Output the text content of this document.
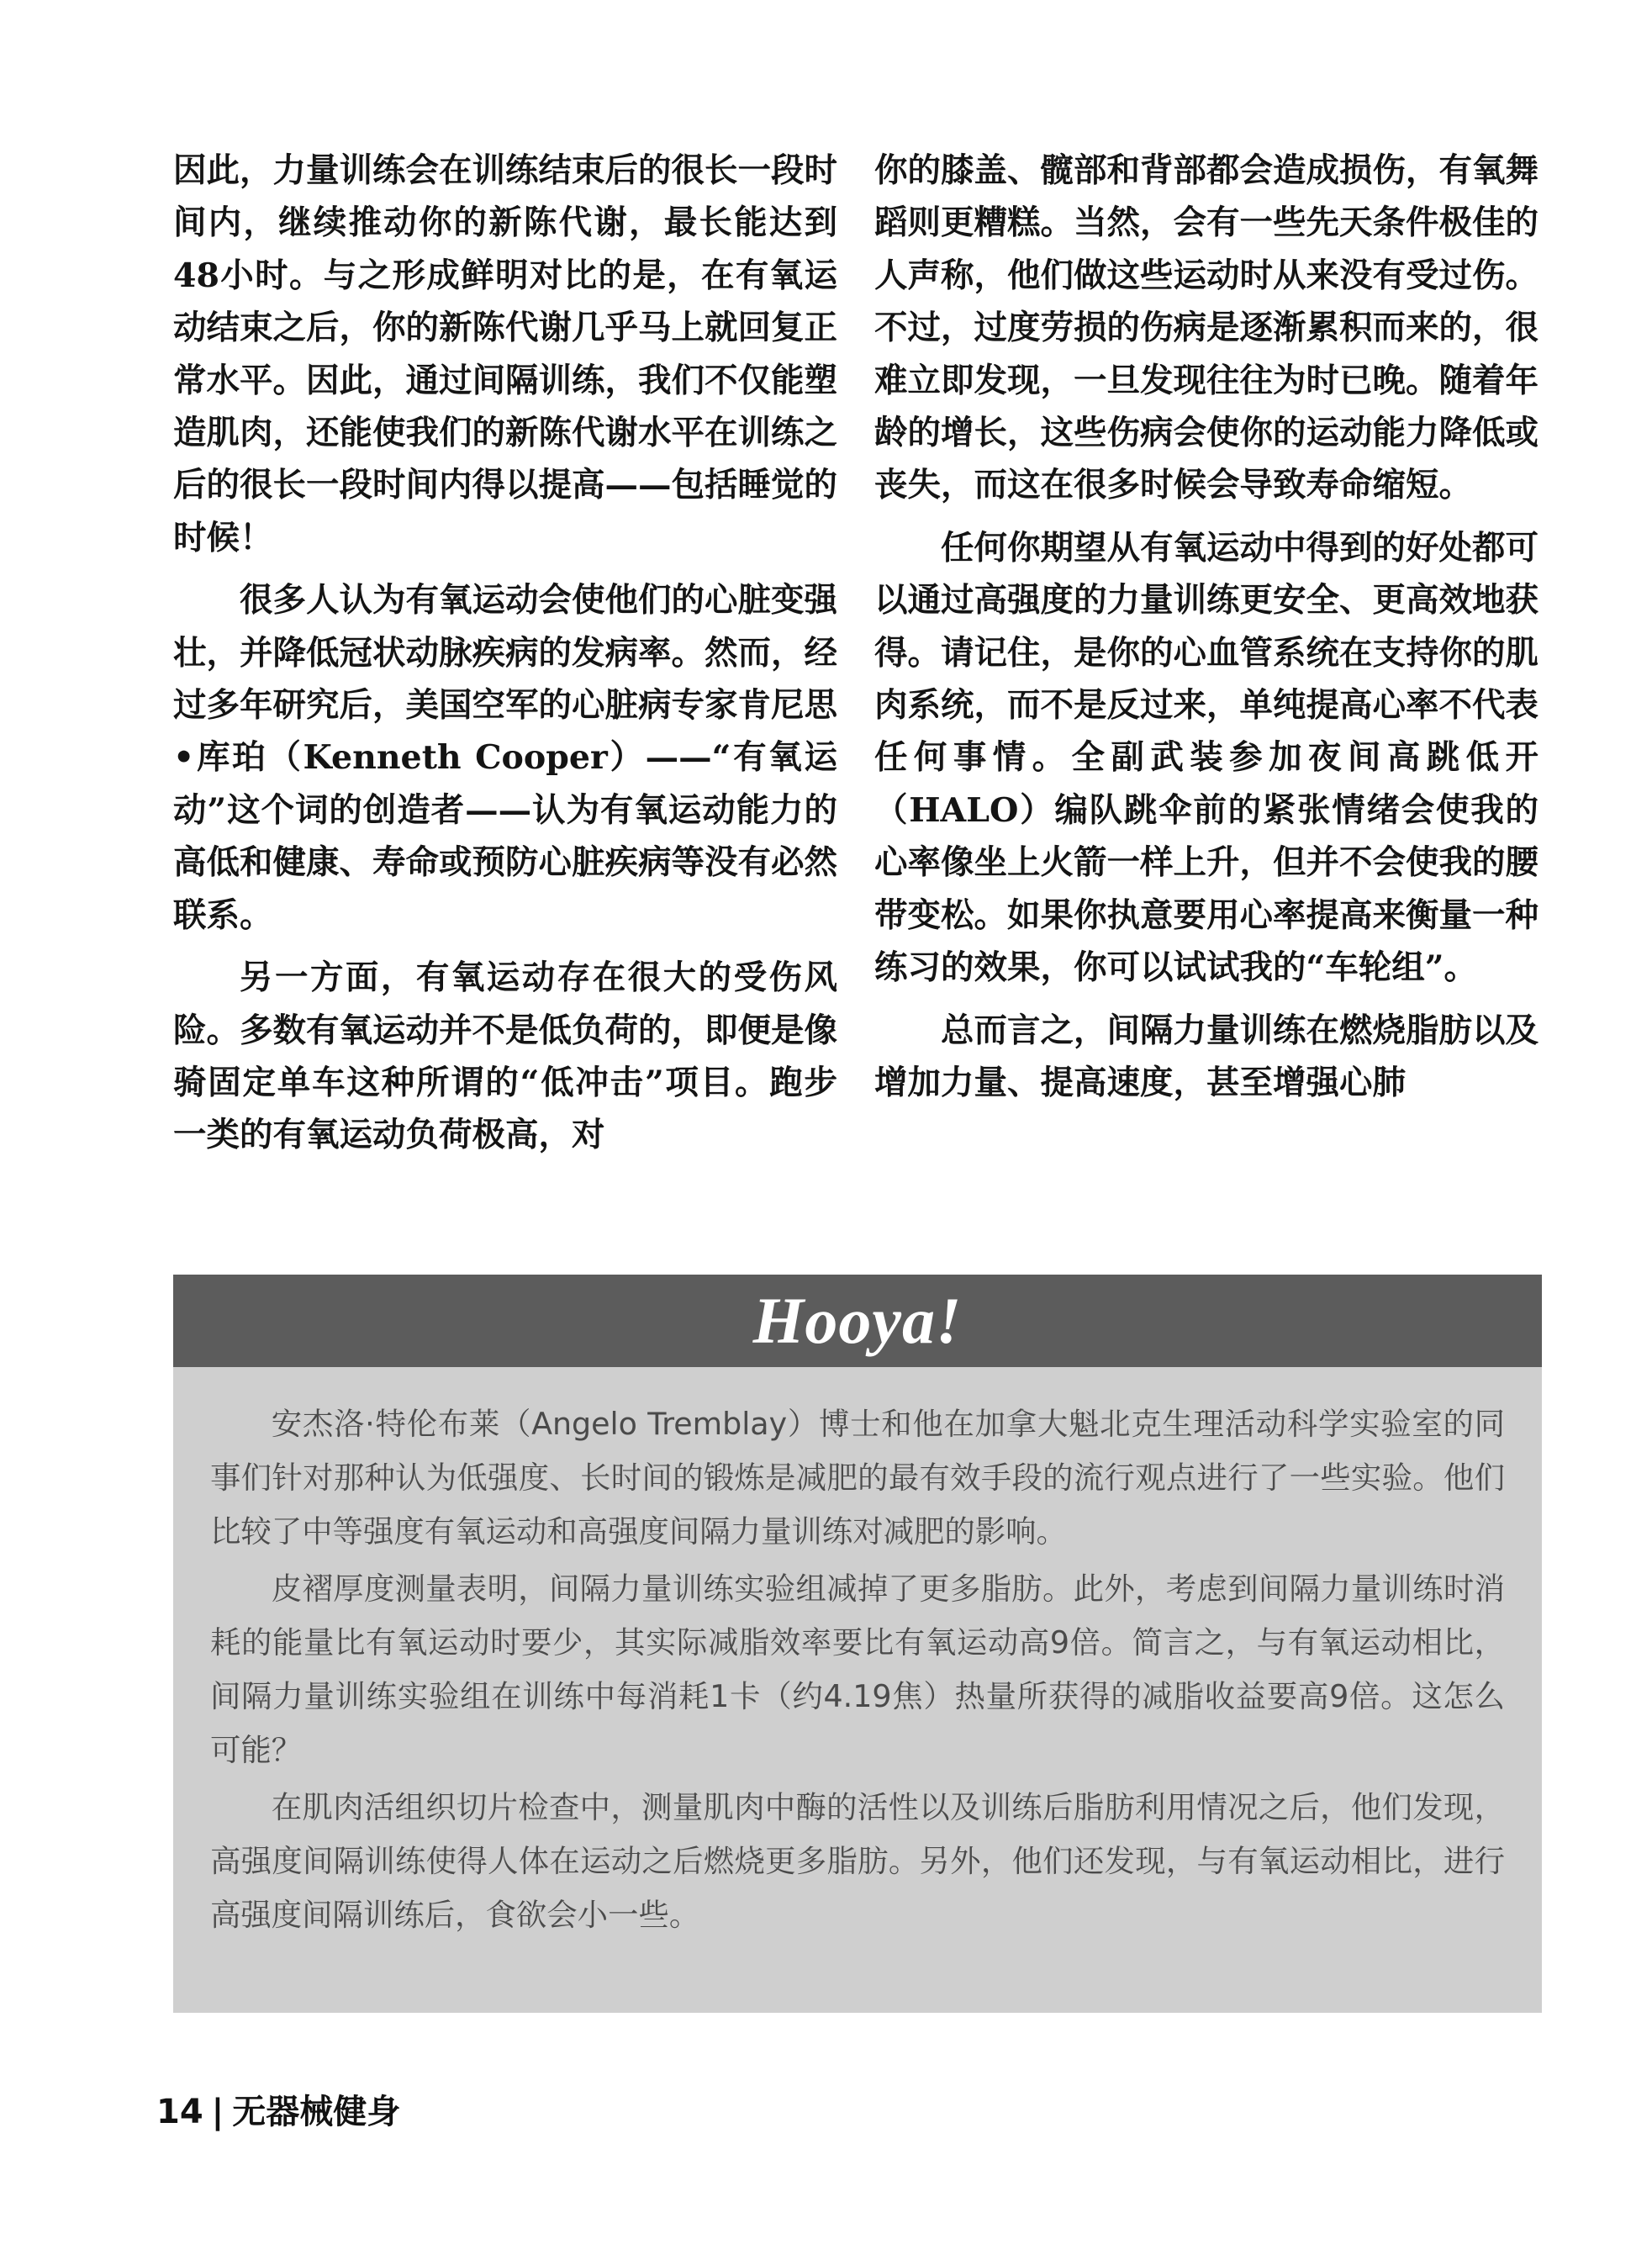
因此，力量训练会在训练结束后的很长一段时间内，继续推动你的新陈代谢，最长能达到48小时。与之形成鲜明对比的是，在有氧运动结束之后，你的新陈代谢几乎马上就回复正常水平。因此，通过间隔训练，我们不仅能塑造肌肉，还能使我们的新陈代谢水平在训练之后的很长一段时间内得以提高——包括睡觉的时候！

很多人认为有氧运动会使他们的心脏变强壮，并降低冠状动脉疾病的发病率。然而，经过多年研究后，美国空军的心脏病专家肯尼思•库珀（Kenneth Cooper）——“有氧运动”这个词的创造者——认为有氧运动能力的高低和健康、寿命或预防心脏疾病等没有必然联系。

另一方面，有氧运动存在很大的受伤风险。多数有氧运动并不是低负荷的，即便是像骑固定单车这种所谓的“低冲击”项目。跑步一类的有氧运动负荷极高，对

你的膝盖、髋部和背部都会造成损伤，有氧舞蹈则更糟糕。当然，会有一些先天条件极佳的人声称，他们做这些运动时从来没有受过伤。不过，过度劳损的伤病是逐渐累积而来的，很难立即发现，一旦发现往往为时已晚。随着年龄的增长，这些伤病会使你的运动能力降低或丧失，而这在很多时候会导致寿命缩短。

任何你期望从有氧运动中得到的好处都可以通过高强度的力量训练更安全、更高效地获得。请记住，是你的心血管系统在支持你的肌肉系统，而不是反过来，单纯提高心率不代表任何事情。全副武装参加夜间高跳低开（HALO）编队跳伞前的紧张情绪会使我的心率像坐上火箭一样上升，但并不会使我的腰带变松。如果你执意要用心率提高来衡量一种练习的效果，你可以试试我的“车轮组”。

总而言之，间隔力量训练在燃烧脂肪以及增加力量、提高速度，甚至增强心肺

Hooya!

安杰洛·特伦布莱（Angelo Tremblay）博士和他在加拿大魁北克生理活动科学实验室的同事们针对那种认为低强度、长时间的锻炼是减肥的最有效手段的流行观点进行了一些实验。他们比较了中等强度有氧运动和高强度间隔力量训练对减肥的影响。

皮褶厚度测量表明，间隔力量训练实验组减掉了更多脂肪。此外，考虑到间隔力量训练时消耗的能量比有氧运动时要少，其实际减脂效率要比有氧运动高9倍。简言之，与有氧运动相比，间隔力量训练实验组在训练中每消耗1卡（约4.19焦）热量所获得的减脂收益要高9倍。这怎么可能？

在肌肉活组织切片检查中，测量肌肉中酶的活性以及训练后脂肪利用情况之后，他们发现，高强度间隔训练使得人体在运动之后燃烧更多脂肪。另外，他们还发现，与有氧运动相比，进行高强度间隔训练后，食欲会小一些。

14 | 无器械健身
